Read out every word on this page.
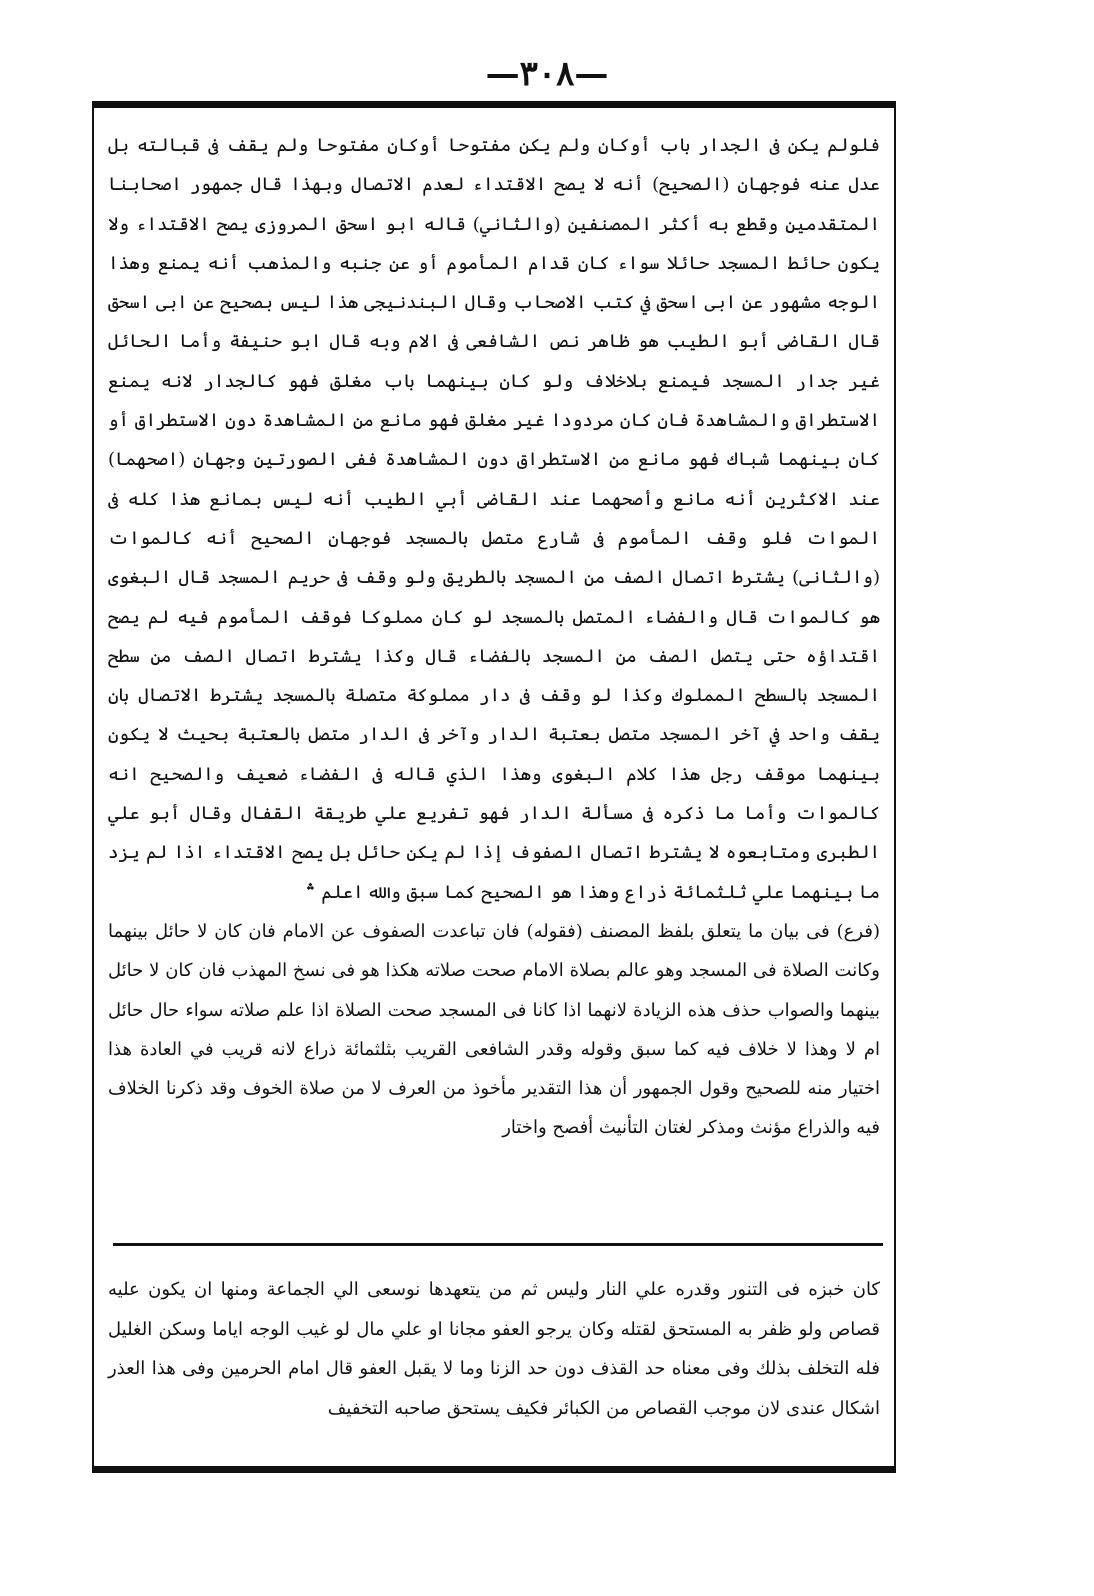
—٣٠٨—

فلولم يكن فى الجدار باب أوكان ولم يكن مفتوحا أوكان مفتوحا ولم يقف فى قبالته بل عدل عنه فوجهان (الصحيح) أنه لا يصح الاقتداء لعدم الاتصال وبهذا قال جمهور اصحابنا المتقدمين وقطع به أكثر المصنفين (والثاني) قاله ابو اسحق المروزى يصح الاقتداء ولا يكون حائط المسجد حائلا سواء كان قدام المأموم أو عن جنبه والمذهب أنه يمنع وهذا الوجه مشهور عن ابى اسحق في كتب الاصحاب وقال البندنيجى هذا ليس بصحيح عن ابى اسحق قال القاضى أبو الطيب هو ظاهر نص الشافعى فى الام وبه قال ابو حنيفة وأما الحائل غير جدار المسجد فيمنع بلاخلاف ولو كان بينهما باب مغلق فهو كالجدار لانه يمنع الاستطراق والمشاهدة فان كان مردودا غير مغلق فهو مانع من المشاهدة دون الاستطراق أو كان بينهما شباك فهو مانع من الاستطراق دون المشاهدة ففى الصورتين وجهان (اصحهما) عند الاكثرين أنه مانع وأصحهما عند القاضى أبي الطيب أنه ليس بمانع هذا كله فى الموات فلو وقف المأموم فى شارع متصل بالمسجد فوجهان الصحيح أنه كالموات (والثانى) يشترط اتصال الصف من المسجد بالطريق ولو وقف فى حريم المسجد قال البغوى هو كالموات قال والفضاء المتصل بالمسجد لو كان مملوكا فوقف المأموم فيه لم يصح اقتداؤه حتى يتصل الصف من المسجد بالفضاء قال وكذا يشترط اتصال الصف من سطح المسجد بالسطح المملوك وكذا لو وقف فى دار مملوكة متصلة بالمسجد يشترط الاتصال بان يقف واحد في آخر المسجد متصل بعتبة الدار وآخر فى الدار متصل بالعتبة بحيث لا يكون بينهما موقف رجل هذا كلام البغوى وهذا الذي قاله فى الفضاء ضعيف والصحيح انه كالموات وأما ما ذكره فى مسألة الدار فهو تفريع علي طريقة القفال وقال أبو علي الطبرى ومتابعوه لا يشترط اتصال الصفوف إذا لم يكن حائل بل يصح الاقتداء اذا لم يزد ما بينهما علي ثلثمائة ذراع وهذا هو الصحيح كما سبق والله اعلم ؞

(فرع) فى بيان ما يتعلق بلفظ المصنف (فقوله) فان تباعدت الصفوف عن الامام فان كان لا حائل بينهما وكانت الصلاة فى المسجد وهو عالم بصلاة الامام صحت صلاته هكذا هو فى نسخ المهذب فان كان لا حائل بينهما والصواب حذف هذه الزيادة لانهما اذا كانا فى المسجد صحت الصلاة اذا علم صلاته سواء حال حائل ام لا وهذا لا خلاف فيه كما سبق وقوله وقدر الشافعى القريب بثلثمائة ذراع لانه قريب في العادة هذا اختيار منه للصحيح وقول الجمهور أن هذا التقدير مأخوذ من العرف لا من صلاة الخوف وقد ذكرنا الخلاف فيه والذراع مؤنث ومذكر لغتان التأنيث أفصح واختار

كان خبزه فى التنور وقدره علي النار وليس ثم من يتعهدها نوسعى الي الجماعة ومنها ان يكون عليه قصاص ولو ظفر به المستحق لقتله وكان يرجو العفو مجانا او علي مال لو غيب الوجه اياما وسكن الغليل فله التخلف بذلك وفى معناه حد القذف دون حد الزنا وما لا يقبل العفو قال امام الحرمين وفى هذا العذر اشكال عندى لان موجب القصاص من الكبائر فكيف يستحق صاحبه التخفيف
